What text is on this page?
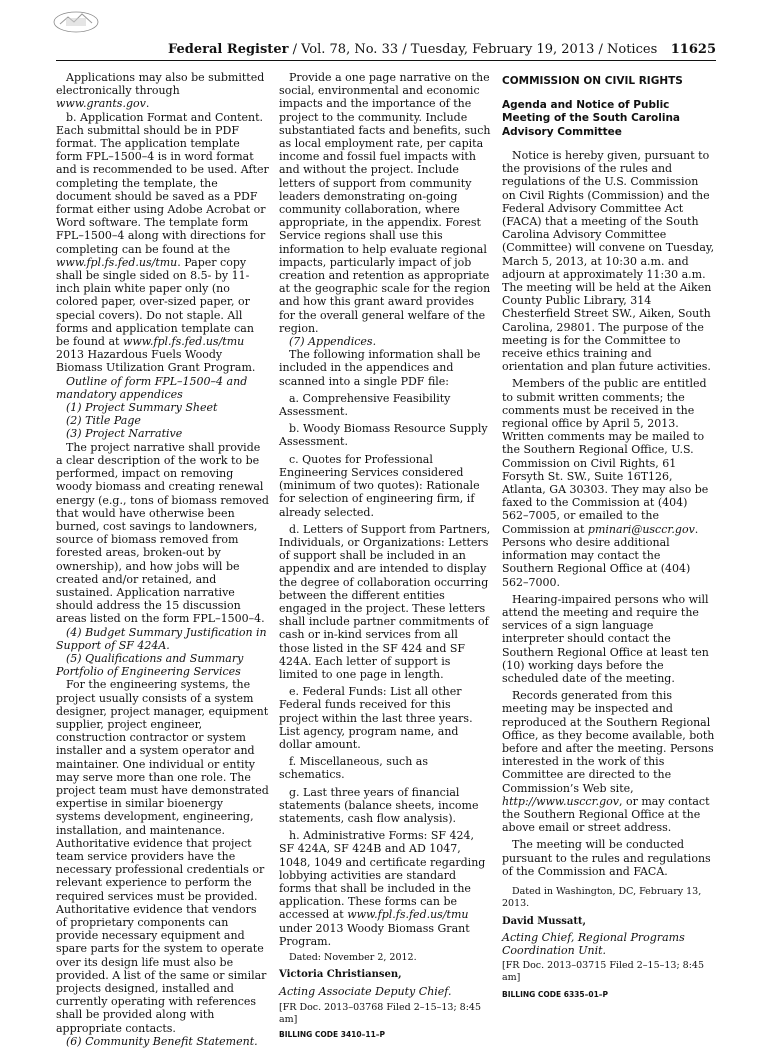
Federal Register / Vol. 78, No. 33 / Tuesday, February 19, 2013 / Notices 11625

Applications may also be submitted electronically through www.grants.gov.

b. Application Format and Content. Each submittal should be in PDF format. The application template form FPL–1500–4 is in word format and is recommended to be used. After completing the template, the document should be saved as a PDF format either using Adobe Acrobat or Word software. The template form FPL–1500–4 along with directions for completing can be found at the www.fpl.fs.fed.us/tmu. Paper copy shall be single sided on 8.5- by 11-inch plain white paper only (no colored paper, over-sized paper, or special covers). Do not staple. All forms and application template can be found at www.fpl.fs.fed.us/tmu 2013 Hazardous Fuels Woody Biomass Utilization Grant Program.

Outline of form FPL–1500–4 and mandatory appendices

(1) Project Summary Sheet

(2) Title Page

(3) Project Narrative

The project narrative shall provide a clear description of the work to be performed, impact on removing woody biomass and creating renewal energy (e.g., tons of biomass removed that would have otherwise been burned, cost savings to landowners, source of biomass removed from forested areas, broken-out by ownership), and how jobs will be created and/or retained, and sustained. Application narrative should address the 15 discussion areas listed on the form FPL–1500–4.

(4) Budget Summary Justification in Support of SF 424A.

(5) Qualifications and Summary Portfolio of Engineering Services

For the engineering systems, the project usually consists of a system designer, project manager, equipment supplier, project engineer, construction contractor or system installer and a system operator and maintainer. One individual or entity may serve more than one role. The project team must have demonstrated expertise in similar bioenergy systems development, engineering, installation, and maintenance. Authoritative evidence that project team service providers have the necessary professional credentials or relevant experience to perform the required services must be provided. Authoritative evidence that vendors of proprietary components can provide necessary equipment and spare parts for the system to operate over its design life must also be provided. A list of the same or similar projects designed, installed and currently operating with references shall be provided along with appropriate contacts.

(6) Community Benefit Statement.

Provide a one page narrative on the social, environmental and economic impacts and the importance of the project to the community. Include substantiated facts and benefits, such as local employment rate, per capita income and fossil fuel impacts with and without the project. Include letters of support from community leaders demonstrating on-going community collaboration, where appropriate, in the appendix. Forest Service regions shall use this information to help evaluate regional impacts, particularly impact of job creation and retention as appropriate at the geographic scale for the region and how this grant award provides for the overall general welfare of the region.

(7) Appendices.

The following information shall be included in the appendices and scanned into a single PDF file:

a. Comprehensive Feasibility Assessment.

b. Woody Biomass Resource Supply Assessment.

c. Quotes for Professional Engineering Services considered (minimum of two quotes): Rationale for selection of engineering firm, if already selected.

d. Letters of Support from Partners, Individuals, or Organizations: Letters of support shall be included in an appendix and are intended to display the degree of collaboration occurring between the different entities engaged in the project. These letters shall include partner commitments of cash or in-kind services from all those listed in the SF 424 and SF 424A. Each letter of support is limited to one page in length.

e. Federal Funds: List all other Federal funds received for this project within the last three years. List agency, program name, and dollar amount.

f. Miscellaneous, such as schematics.

g. Last three years of financial statements (balance sheets, income statements, cash flow analysis).

h. Administrative Forms: SF 424, SF 424A, SF 424B and AD 1047, 1048, 1049 and certificate regarding lobbying activities are standard forms that shall be included in the application. These forms can be accessed at www.fpl.fs.fed.us/tmu under 2013 Woody Biomass Grant Program.

Dated: November 2, 2012.

Victoria Christiansen,

Acting Associate Deputy Chief.

[FR Doc. 2013–03768 Filed 2–15–13; 8:45 am]

BILLING CODE 3410–11–P

COMMISSION ON CIVIL RIGHTS

Agenda and Notice of Public Meeting of the South Carolina Advisory Committee

Notice is hereby given, pursuant to the provisions of the rules and regulations of the U.S. Commission on Civil Rights (Commission) and the Federal Advisory Committee Act (FACA) that a meeting of the South Carolina Advisory Committee (Committee) will convene on Tuesday, March 5, 2013, at 10:30 a.m. and adjourn at approximately 11:30 a.m. The meeting will be held at the Aiken County Public Library, 314 Chesterfield Street SW., Aiken, South Carolina, 29801. The purpose of the meeting is for the Committee to receive ethics training and orientation and plan future activities.

Members of the public are entitled to submit written comments; the comments must be received in the regional office by April 5, 2013. Written comments may be mailed to the Southern Regional Office, U.S. Commission on Civil Rights, 61 Forsyth St. SW., Suite 16T126, Atlanta, GA 30303. They may also be faxed to the Commission at (404) 562–7005, or emailed to the Commission at pminari@usccr.gov. Persons who desire additional information may contact the Southern Regional Office at (404) 562–7000.

Hearing-impaired persons who will attend the meeting and require the services of a sign language interpreter should contact the Southern Regional Office at least ten (10) working days before the scheduled date of the meeting.

Records generated from this meeting may be inspected and reproduced at the Southern Regional Office, as they become available, both before and after the meeting. Persons interested in the work of this Committee are directed to the Commission’s Web site, http://www.usccr.gov, or may contact the Southern Regional Office at the above email or street address.

The meeting will be conducted pursuant to the rules and regulations of the Commission and FACA.

Dated in Washington, DC, February 13, 2013.

David Mussatt,

Acting Chief, Regional Programs Coordination Unit.

[FR Doc. 2013–03715 Filed 2–15–13; 8:45 am]

BILLING CODE 6335–01–P
